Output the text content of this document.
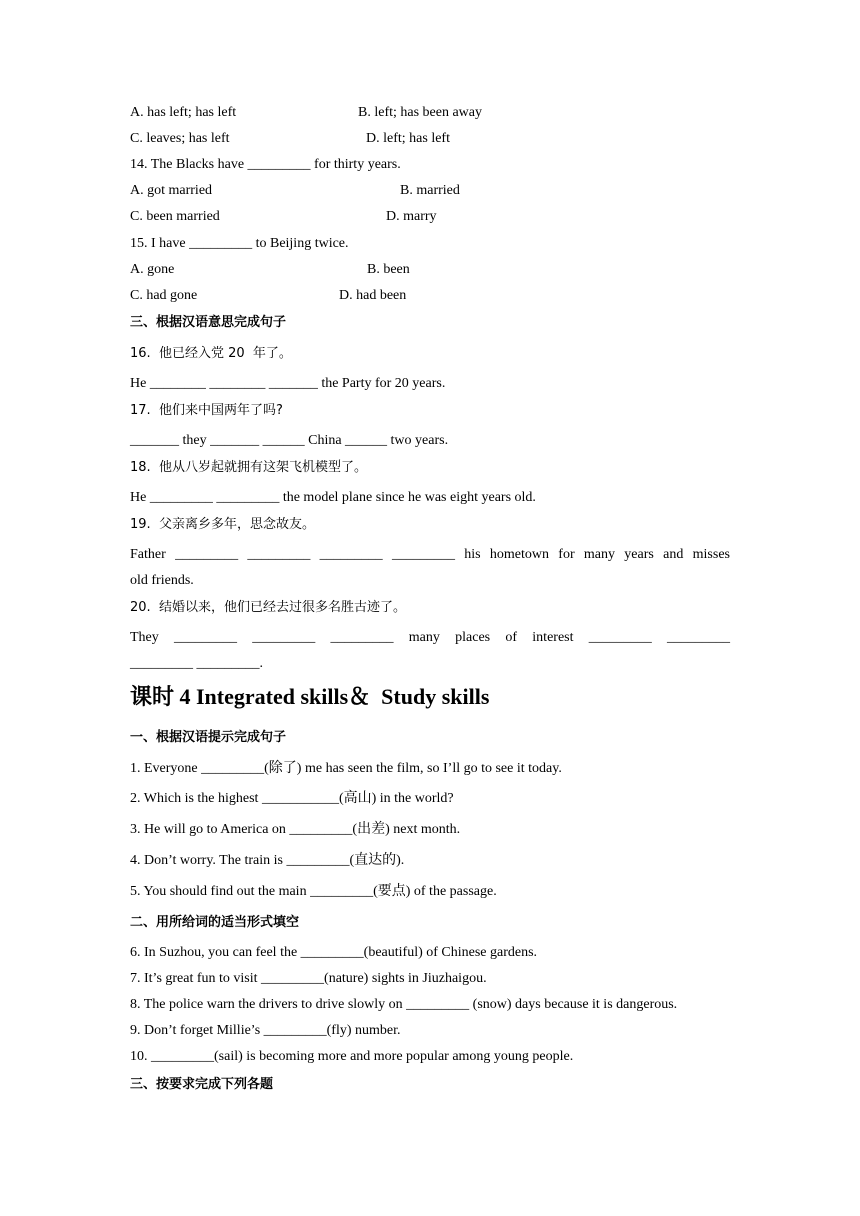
A. has left; has left	B. left; has been away
C. leaves; has left	D. left; has left
14. The Blacks have _________ for thirty years.
A. got married	B. married
C. been married	D. marry
15. I have _________ to Beijing twice.
A. gone	B. been
C. had gone	D. had been
三、根据汉语意思完成句子
16.  他已经入党 20  年了。
He ________ ________ _______ the Party for 20 years.
17.  他们来中国两年了吗?
_______ they _______ ______ China ______ two years.
18.  他从八岁起就拥有这架飞机模型了。
He _________ _________ the model plane since he was eight years old.
19.  父亲离乡多年，思念故友。
Father _________ _________ _________ _________ his hometown for many years and misses
old friends.
20.  结婚以来，他们已经去过很多名胜古迹了。
They _________ _________ _________ many places of interest _________ _________
_________ _________.
课时 4 Integrated skills＆  Study skills
一、根据汉语提示完成句子
1. Everyone _________(除了) me has seen the film, so I’ll go to see it today.
2. Which is the highest ___________(高山) in the world?
3. He will go to America on _________(出差) next month.
4. Don’t worry. The train is _________(直达的).
5. You should find out the main _________(要点) of the passage.
二、用所给词的适当形式填空
6. In Suzhou, you can feel the _________(beautiful) of Chinese gardens.
7. It’s great fun to visit _________(nature) sights in Jiuzhaigou.
8. The police warn the drivers to drive slowly on _________ (snow) days because it is dangerous.
9. Don’t forget Millie’s _________(fly) number.
10. _________(sail) is becoming more and more popular among young people.
三、按要求完成下列各题
